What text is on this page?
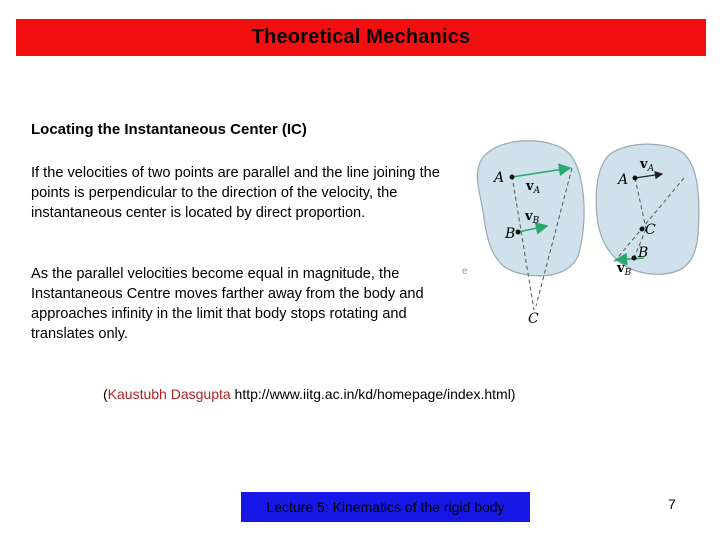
Theoretical Mechanics
Locating the Instantaneous Center (IC)
If the velocities of two points are parallel and the line joining the points is perpendicular to the direction of the velocity, the instantaneous center is located by direct proportion.
As the parallel velocities become equal in magnitude, the Instantaneous Centre moves farther away from the body and approaches infinity in the limit that body stops rotating and translates only.
A
$v_A$
$v_B$
B
C
e
A
$v_A$
C
B
$v_B$
(Kaustubh Dasgupta http://www.iitg.ac.in/kd/homepage/index.html)
Lecture 5: Kinematics of the rigid body	7
